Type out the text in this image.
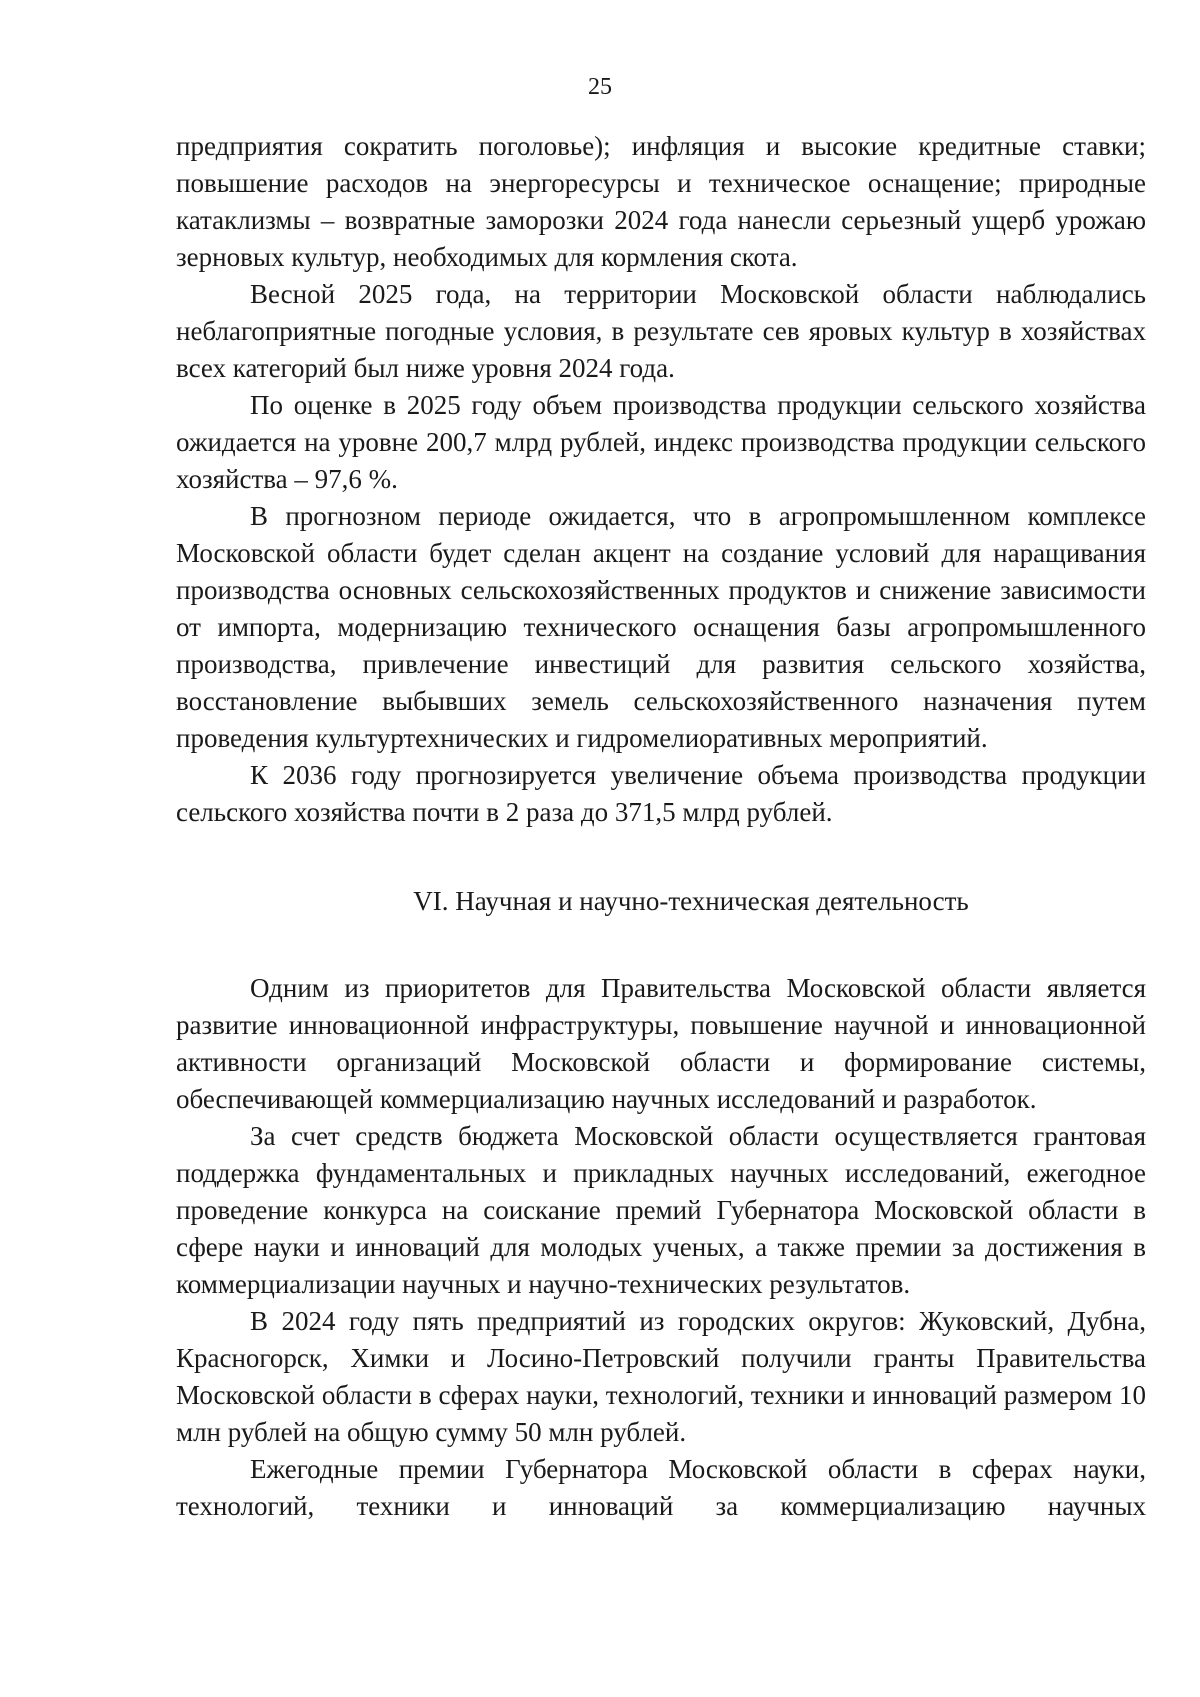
25

предприятия сократить поголовье); инфляция и высокие кредитные ставки; повышение расходов на энергоресурсы и техническое оснащение; природные катаклизмы – возвратные заморозки 2024 года нанесли серьезный ущерб урожаю зерновых культур, необходимых для кормления скота.

Весной 2025 года, на территории Московской области наблюдались неблагоприятные погодные условия, в результате сев яровых культур в хозяйствах всех категорий был ниже уровня 2024 года.

По оценке в 2025 году объем производства продукции сельского хозяйства ожидается на уровне 200,7 млрд рублей, индекс производства продукции сельского хозяйства – 97,6 %.

В прогнозном периоде ожидается, что в агропромышленном комплексе Московской области будет сделан акцент на создание условий для наращивания производства основных сельскохозяйственных продуктов и снижение зависимости от импорта, модернизацию технического оснащения базы агропромышленного производства, привлечение инвестиций для развития сельского хозяйства, восстановление выбывших земель сельскохозяйственного назначения путем проведения культуртехнических и гидромелиоративных мероприятий.

К 2036 году прогнозируется увеличение объема производства продукции сельского хозяйства почти в 2 раза до 371,5 млрд рублей.

VI. Научная и научно-техническая деятельность

Одним из приоритетов для Правительства Московской области является развитие инновационной инфраструктуры, повышение научной и инновационной активности организаций Московской области и формирование системы, обеспечивающей коммерциализацию научных исследований и разработок.

За счет средств бюджета Московской области осуществляется грантовая поддержка фундаментальных и прикладных научных исследований, ежегодное проведение конкурса на соискание премий Губернатора Московской области в сфере науки и инноваций для молодых ученых, а также премии за достижения в коммерциализации научных и научно-технических результатов.

В 2024 году пять предприятий из городских округов: Жуковский, Дубна, Красногорск, Химки и Лосино-Петровский получили гранты Правительства Московской области в сферах науки, технологий, техники и инноваций размером 10 млн рублей на общую сумму 50 млн рублей.

Ежегодные премии Губернатора Московской области в сферах науки, технологий, техники и инноваций за коммерциализацию научных
